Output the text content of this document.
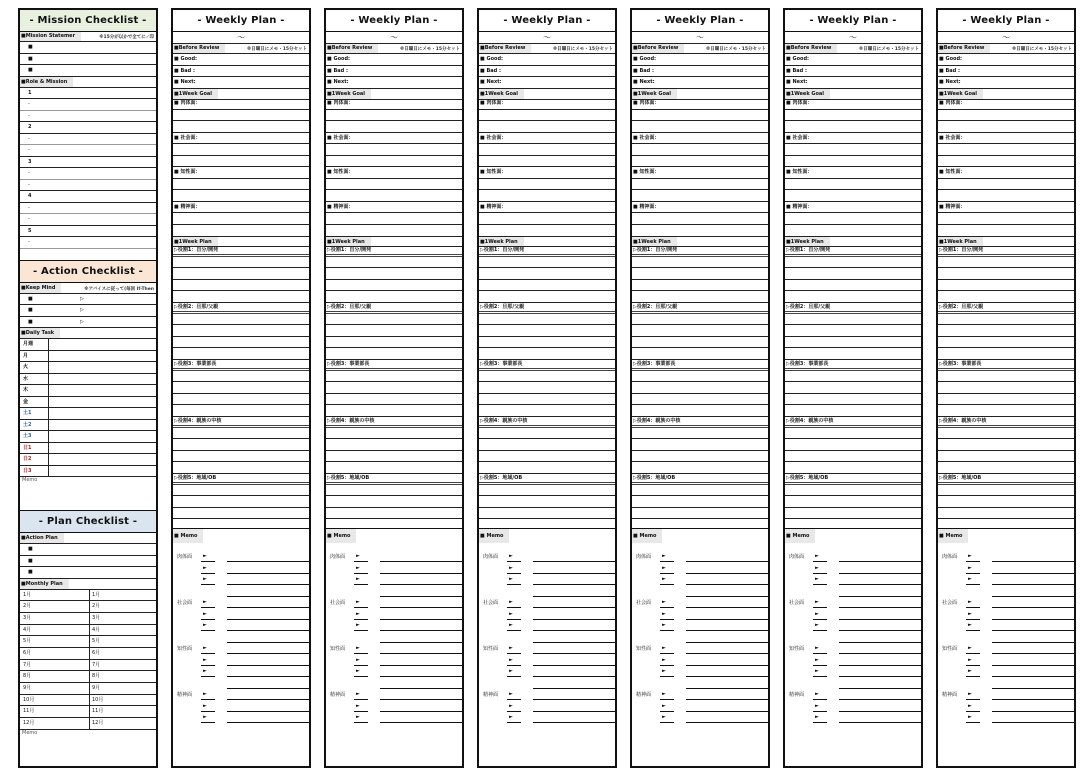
- Mission Checklist -
■Mission Statemer	※15分が以かで全てに✓印
■
■
■
■Role & Mission
1
-
-
2
-
-
3
-
-
4
-
-
5
-
- Action Checklist -
■Keep Mind	※アバイスに従って(毎回 If-Then
■	▷
■	▷
■	▷
■Daily Task
月週
月
火
水
木
金
土1
土2
土3
日1
日2
日3
Memo
- Plan Checklist -
■Action Plan
■
■
■
■Monthly Plan
1月	1月
2月	2月
3月	3月
4月	4月
5月	5月
6月	6月
7月	7月
8月	8月
9月	9月
10月	10月
11月	11月
12月	12月
Memo
- Weekly Plan -
〜
■Before Review	※日曜日にメモ・15分セット
■ Good:
■ Bad :
■ Next:
■1Week Goal
■ 肉体面：
■ 社会面：
■ 知性面：
■ 精神面：
■1Week Plan
▷役割1：自分/開発
▷役割2：旦那/父親
▷役割3：事業部長
▷役割4：親族の中核
▷役割5：地域/OB
■ Memo
肉体面 ►
►
►
社会面 ►
►
►
知性面 ►
►
►
精神面 ►
►
►
- Weekly Plan -
〜
■Before Review	※日曜日にメモ・15分セット
■ Good:
■ Bad :
■ Next:
■1Week Goal
■ 肉体面：
■ 社会面：
■ 知性面：
■ 精神面：
■1Week Plan
▷役割1：自分/開発
▷役割2：旦那/父親
▷役割3：事業部長
▷役割4：親族の中核
▷役割5：地域/OB
■ Memo
肉体面 ►
►
►
社会面 ►
►
►
知性面 ►
►
►
精神面 ►
►
►
- Weekly Plan -
〜
■Before Review	※日曜日にメモ・15分セット
■ Good:
■ Bad :
■ Next:
■1Week Goal
■ 肉体面：
■ 社会面：
■ 知性面：
■ 精神面：
■1Week Plan
▷役割1：自分/開発
▷役割2：旦那/父親
▷役割3：事業部長
▷役割4：親族の中核
▷役割5：地域/OB
■ Memo
肉体面 ►
►
►
社会面 ►
►
►
知性面 ►
►
►
精神面 ►
►
►
- Weekly Plan -
〜
■Before Review	※日曜日にメモ・15分セット
■ Good:
■ Bad :
■ Next:
■1Week Goal
■ 肉体面：
■ 社会面：
■ 知性面：
■ 精神面：
■1Week Plan
▷役割1：自分/開発
▷役割2：旦那/父親
▷役割3：事業部長
▷役割4：親族の中核
▷役割5：地域/OB
■ Memo
肉体面 ►
►
►
社会面 ►
►
►
知性面 ►
►
►
精神面 ►
►
►
- Weekly Plan -
〜
■Before Review	※日曜日にメモ・15分セット
■ Good:
■ Bad :
■ Next:
■1Week Goal
■ 肉体面：
■ 社会面：
■ 知性面：
■ 精神面：
■1Week Plan
▷役割1：自分/開発
▷役割2：旦那/父親
▷役割3：事業部長
▷役割4：親族の中核
▷役割5：地域/OB
■ Memo
肉体面 ►
►
►
社会面 ►
►
►
知性面 ►
►
►
精神面 ►
►
►
- Weekly Plan -
〜
■Before Review	※日曜日にメモ・15分セット
■ Good:
■ Bad :
■ Next:
■1Week Goal
■ 肉体面：
■ 社会面：
■ 知性面：
■ 精神面：
■1Week Plan
▷役割1：自分/開発
▷役割2：旦那/父親
▷役割3：事業部長
▷役割4：親族の中核
▷役割5：地域/OB
■ Memo
肉体面 ►
►
►
社会面 ►
►
►
知性面 ►
►
►
精神面 ►
►
►
